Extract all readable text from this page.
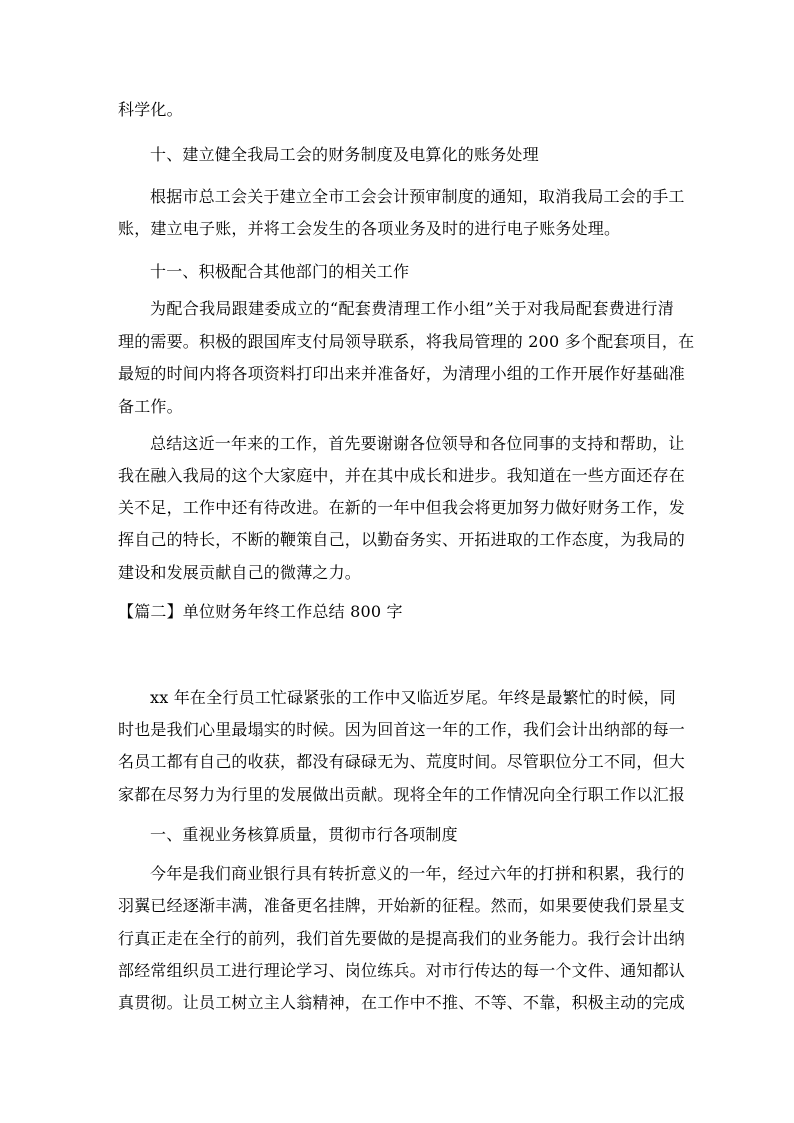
科学化。
十、建立健全我局工会的财务制度及电算化的账务处理
根据市总工会关于建立全市工会会计预审制度的通知，取消我局工会的手工
账，建立电子账，并将工会发生的各项业务及时的进行电子账务处理。
十一、积极配合其他部门的相关工作
为配合我局跟建委成立的“配套费清理工作小组”关于对我局配套费进行清
理的需要。积极的跟国库支付局领导联系，将我局管理的 200 多个配套项目，在
最短的时间内将各项资料打印出来并准备好，为清理小组的工作开展作好基础准
备工作。
总结这近一年来的工作，首先要谢谢各位领导和各位同事的支持和帮助，让
我在融入我局的这个大家庭中，并在其中成长和进步。我知道在一些方面还存在
关不足，工作中还有待改进。在新的一年中但我会将更加努力做好财务工作，发
挥自己的特长，不断的鞭策自己，以勤奋务实、开拓进取的工作态度，为我局的
建设和发展贡献自己的微薄之力。
【篇二】单位财务年终工作总结 800 字
xx 年在全行员工忙碌紧张的工作中又临近岁尾。年终是最繁忙的时候，同
时也是我们心里最塌实的时候。因为回首这一年的工作，我们会计出纳部的每一
名员工都有自己的收获，都没有碌碌无为、荒度时间。尽管职位分工不同，但大
家都在尽努力为行里的发展做出贡献。现将全年的工作情况向全行职工作以汇报
一、重视业务核算质量，贯彻市行各项制度
今年是我们商业银行具有转折意义的一年，经过六年的打拼和积累，我行的
羽翼已经逐渐丰满，准备更名挂牌，开始新的征程。然而，如果要使我们景星支
行真正走在全行的前列，我们首先要做的是提高我们的业务能力。我行会计出纳
部经常组织员工进行理论学习、岗位练兵。对市行传达的每一个文件、通知都认
真贯彻。让员工树立主人翁精神，在工作中不推、不等、不靠，积极主动的完成
